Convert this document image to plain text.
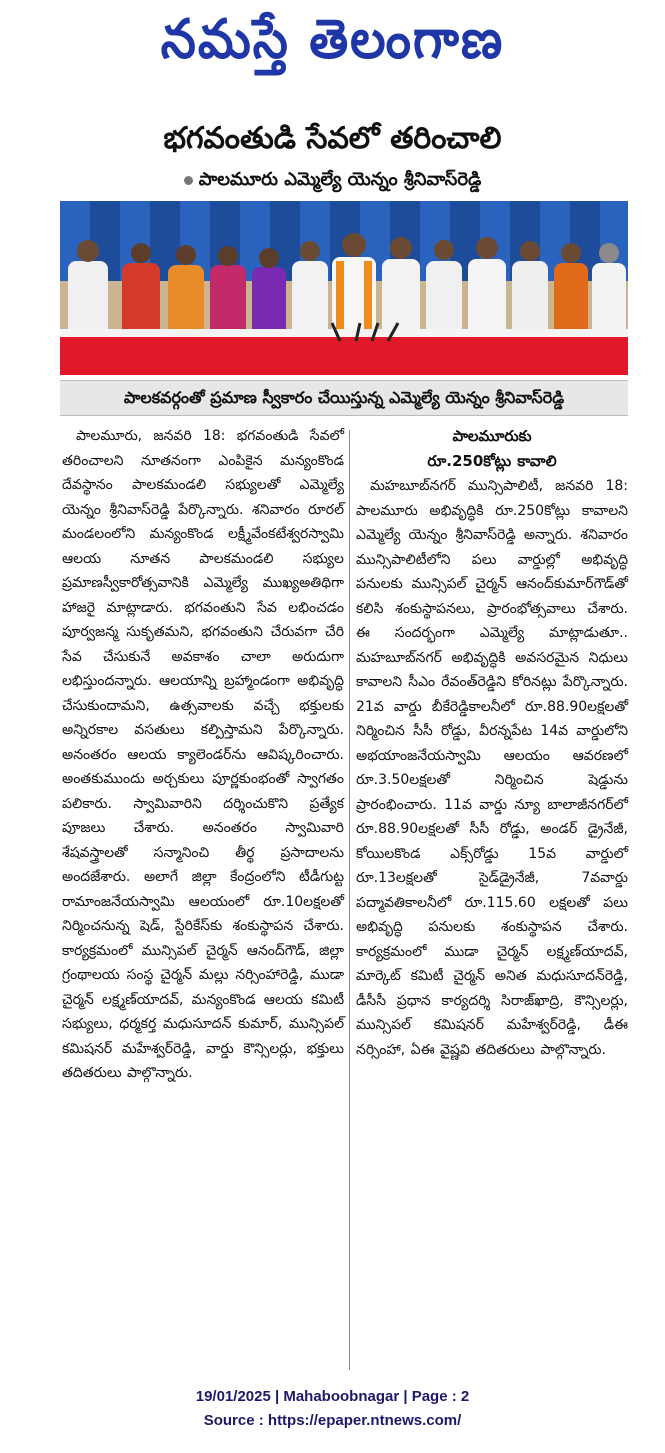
నమస్తే తెలంగాణ
భగవంతుడి సేవలో తరించాలి
పాలమూరు ఎమ్మెల్యే యెన్నం శ్రీనివాస్‌రెడ్డి
పాలకవర్గంతో ప్రమాణ స్వీకారం చేయిస్తున్న ఎమ్మెల్యే యెన్నం శ్రీనివాస్‌రెడ్డి

పాలమూరు, జనవరి 18: భగవంతుడి సేవలో తరించాలని నూతనంగా ఎంపికైన మన్యంకొండ దేవస్థానం పాలకమండలి సభ్యులతో ఎమ్మెల్యే యెన్నం శ్రీనివాస్‌రెడ్డి పేర్కొన్నారు. శనివారం రూరల్ మండలంలోని మన్యంకొండ లక్ష్మీవేంకటేశ్వరస్వామి ఆలయ నూతన పాలకమండలి సభ్యుల ప్రమాణస్వీకారోత్సవానికి ఎమ్మెల్యే ముఖ్యఅతిథిగా హాజరై మాట్లాడారు. భగవంతుని సేవ లభించడం పూర్వజన్మ సుకృతమని, భగవంతుని చేరువగా చేరి సేవ చేసుకునే అవకాశం చాలా అరుదుగా లభిస్తుందన్నారు. ఆలయాన్ని బ్రహ్మాండంగా అభివృద్ధి చేసుకుందామని, ఉత్సవాలకు వచ్చే భక్తులకు అన్నిరకాల వసతులు కల్పిస్తామని పేర్కొన్నారు. అనంతరం ఆలయ క్యాలెండర్‌ను ఆవిష్కరించారు. అంతకుముందు అర్చకులు పూర్ణకుంభంతో స్వాగతం పలికారు. స్వామివారిని దర్శించుకొని ప్రత్యేక పూజలు చేశారు. అనంతరం స్వామివారి శేషవస్త్రాలతో సన్మానించి తీర్థ ప్రసాదాలను అందజేశారు. అలాగే జిల్లా కేంద్రంలోని టీడీగుట్ట రామాంజనేయస్వామి ఆలయంలో రూ.10లక్షలతో నిర్మించనున్న షెడ్, స్టేరికేస్‌కు శంకుస్థాపన చేశారు. కార్యక్రమంలో మున్సిపల్ చైర్మన్ ఆనంద్‌గౌడ్, జిల్లా గ్రంథాలయ సంస్థ చైర్మన్ మల్లు నర్సింహారెడ్డి, ముడా చైర్మన్ లక్ష్మణ్‌యాదవ్, మన్యంకొండ ఆలయ కమిటీ సభ్యులు, ధర్మకర్త మధుసూదన్ కుమార్, మున్సిపల్ కమిషనర్ మహేశ్వర్‌రెడ్డి, వార్డు కౌన్సిలర్లు, భక్తులు తదితరులు పాల్గొన్నారు.

పాలమూరుకు

రూ.250కోట్లు కావాలి

మహబూబ్‌నగర్ మున్సిపాలిటీ, జనవరి 18: పాలమూరు అభివృద్ధికి రూ.250కోట్లు కావాలని ఎమ్మెల్యే యెన్నం శ్రీనివాస్‌రెడ్డి అన్నారు. శనివారం మున్సిపాలిటీలోని పలు వార్డుల్లో అభివృద్ధి పనులకు మున్సిపల్ చైర్మన్ ఆనంద్‌కుమార్‌గౌడ్‌తో కలిసి శంకుస్థాపనలు, ప్రారంభోత్సవాలు చేశారు. ఈ సందర్భంగా ఎమ్మెల్యే మాట్లాడుతూ.. మహబూబ్‌నగర్ అభివృద్ధికి అవసరమైన నిధులు కావాలని సీఎం రేవంత్‌రెడ్డిని కోరినట్లు పేర్కొన్నారు. 21వ వార్డు బీకేరెడ్డికాలనీలో రూ.88.90లక్షలతో నిర్మించిన సీసీ రోడ్డు, వీరన్నపేట 14వ వార్డులోని అభయాంజనేయస్వామి ఆలయం ఆవరణలో రూ.3.50లక్షలతో నిర్మించిన షెడ్డును ప్రారంభించారు. 11వ వార్డు న్యూ బాలాజీనగర్‌లో రూ.88.90లక్షలతో సీసీ రోడ్డు, అండర్ డ్రైనేజీ, కోయిలకొండ ఎక్స్‌రోడ్డు 15వ వార్డులో రూ.13లక్షలతో సైడ్‌డ్రైనేజీ, 7వవార్డు పద్మావతికాలనీలో రూ.115.60 లక్షలతో పలు అభివృద్ధి పనులకు శంకుస్థాపన చేశారు. కార్యక్రమంలో ముడా చైర్మన్ లక్ష్మణ్‌యాదవ్, మార్కెట్ కమిటీ చైర్మన్ అనిత మధుసూదన్‌రెడ్డి, డీసీసీ ప్రధాన కార్యదర్శి సిరాజ్‌ఖాద్రి, కౌన్సిలర్లు, మున్సిపల్ కమిషనర్ మహేశ్వర్‌రెడ్డి, డీఈ నర్సింహా, ఏఈ వైష్ణవి తదితరులు పాల్గొన్నారు.

19/01/2025 | Mahaboobnagar | Page : 2
Source : https://epaper.ntnews.com/
